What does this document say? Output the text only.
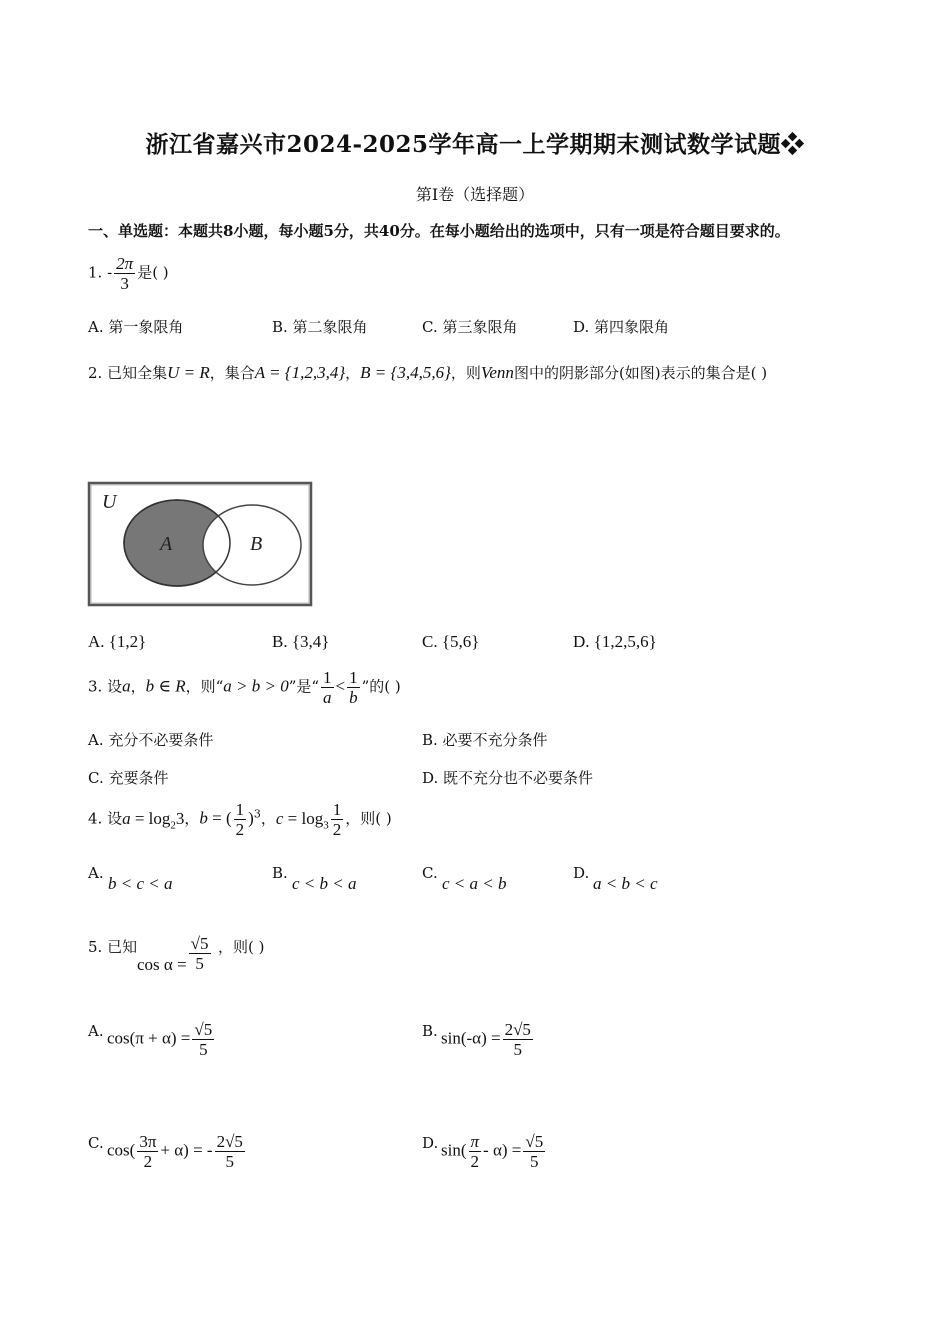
浙江省嘉兴市2024-2025学年高一上学期期末测试数学试题❖
第I卷（选择题）
一、单选题：本题共8小题，每小题5分，共40分。在每小题给出的选项中，只有一项是符合题目要求的。
1. - $\frac{2\pi}{3}$ 是( )
A. 第一象限角	B. 第二象限角	C. 第三象限角	D. 第四象限角
2. 已知全集U = R，集合A = {1,2,3,4}，B = {3,4,5,6}，则Venn图中的阴影部分(如图)表示的集合是( )
U
A	B
A. {1,2}	B. {3,4}	C. {5,6}	D. {1,2,5,6}
3. 设a，b ∈ R，则“a > b > 0”是“ $\frac{1}{a} < \frac{1}{b}$ ”的( )
A. 充分不必要条件	B. 必要不充分条件
C. 充要条件	D. 既不充分也不必要条件
4. 设$a = \log_23$，b = ( $\frac{1}{2} )^3$，$c = \log_3 \frac{1}{2}$ ，则( )
A.
b < c < a
B.
c < b < a
C.
c < a < b
D.
a < b < c
5. 已知
$\cos \alpha = \frac{√5}{5}$ ，则( )
A. $\cos(\pi + \alpha) = \frac{√5}{5}$	B. $\sin(-\alpha) = \frac{2√5}{5}$
C. $\cos( \frac{3\pi}{2} + \alpha)$ = - $\frac{2√5}{5}$	D. $\sin( \frac{\pi}{2} - \alpha) = \frac{√5}{5}$
